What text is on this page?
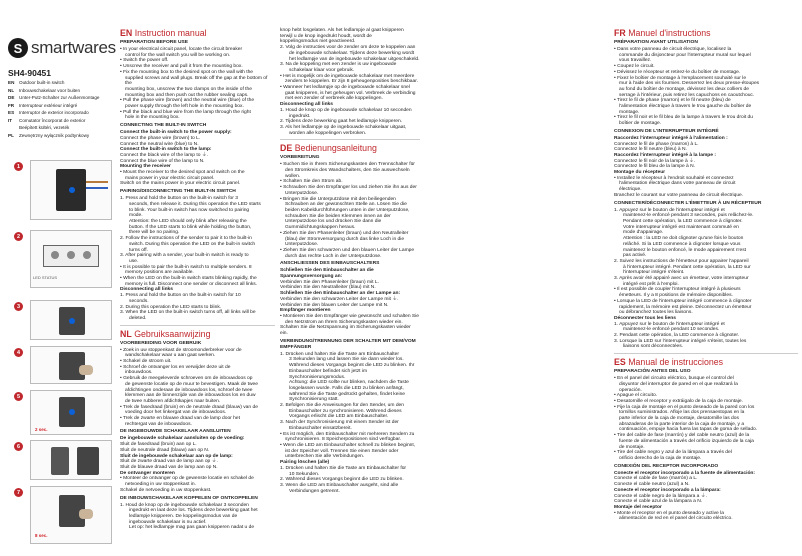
S smartwares
SH4-90451
EN Outdoor built-in switch
NL Inbouwschakelaar voor buiten
DE Unter-Putz-Schalter zur Außenmontage
FR Interrupteur extérieur intégré
ES Interruptor de exterior incorporado
IT Comutator încorporat de exterior
Beépített kültéri, vezeték
PL Zewnętrzny wyłącznik podtynkowy
1
LED STATUS
2
3
4
2 sec.
5
6
8 sec.
7
EN Instruction manual
PREPARATION BEFORE USE
• In your electrical circuit panel, locate the circuit breaker
control for the wall switch you will be working on.
• Switch the power off.
• Unscrew the receiver and pull it from the mounting box.
• Fix the mounting box to the desired spot on the wall with the
supplied screws and wall plugs. Break off the gap at the bottom of the
mounting box, unscrew the two clamps on the inside of the
mounting box and then push out the rubber sealing caps.
• Pull the phase wire (brown) and the neutral wire (blue) of the
power supply through the left hole in the mounting box.
• Pull the black and blue wire from the lamp through the right
hole in the mounting box.
CONNECTING THE BUILT-IN SWITCH
Connect the built-in switch to the power supply:
Connect the phase wire (brown) to L.
Connect the neutral wire (blue) to N.
Connect the built-in switch to the lamp:
Connect the black wire of the lamp to ⏚.
Connect the blue wire of the lamp to N.
Mounting the receiver
• Mount the receiver to the desired spot and switch on the
mains power in your electric circuit panel.
Switch on the mains power in your electric circuit panel.
PAIRING/DISCONNECTING THE BUILT-IN SWITCH
1. Press and hold the button on the built-in switch for 3
seconds, then release it. During this operation the LED starts
to blink. Your built-in switch has now switched to pairing
mode.
Attention: the LED should only blink after releasing the
button. If the LED starts to blink while holding the button,
there will be no pairing.
2. Follow the instructions of the sender to pair it to the built-in
switch. During this operation the LED on the built-in switch
turns off.
3. After pairing with a sender, your built-in switch is ready to
use.
• It is possible to pair the built-in switch to multiple senders. 8
memory positions are available.
• When the LED on the built-in switch starts blinking rapidly, the
memory is full. Disconnect one sender or disconnect all links.
Disconnecting all links
1. Press and hold the button on the built-in switch for 10
seconds.
2. During this operation the LED starts to blink.
3. When the LED on the built-in switch turns off, all links will be
deleted.
NL Gebruiksaanwijzing
VOORBEREIDING VOOR GEBRUIK
• Zoek in uw stoppenkast de stroomonderbreker voor de
wandschakelaar waar u aan gaat werken.
• Schakel de stroom uit.
• Schroef de ontvanger los en verwijder deze uit de
inbouwdoos.
• Gebruik de meegeleverde schroeven om de inbouwdoos op
de gewenste locatie op de muur te bevestigen. Maak de twee
afdichtingen onderaan de inbouwdoos los, schroef de twee
klemmen aan de binnenzijde van de inbouwdoos los en duw
de twee rubberen afdichtkapjes naar buiten.
• Trek de fasedraad (bruin) en de neutrale draad (blauw) van de
voeding door het linkergat van de inbouwdoos.
• Trek de zwarte en blauwe draad van de lamp door het
rechtergat van de inbouwdoos.
DE INGEBOUWDE SCHAKELAAR AANSLUITEN
De ingebouwde schakelaar aansluiten op de voeding:
Sluit de fasedraad (bruin) aan op L.
Sluit de neutrale draad (blauw) aan op N.
Sluit de ingebouwde schakelaar aan op de lamp:
Sluit de zwarte draad van de lamp aan op ⏚.
Sluit de blauwe draad van de lamp aan op N.
De ontvanger monteren
• Monteer de ontvanger op de gewenste locatie en schakel de
netvoeding in uw stoppenkast in.
Schakel de netvoeding in uw stoppenkast.
DE INBOUWSCHAKELAAR KOPPELEN OF ONTKOPPELEN
1. Houd de knop op de ingebouwde schakelaar 3 seconden
ingedrukt en laat deze los. Tijdens deze bewerking gaat het
ledlampje knipperen. De koppelingsmodus van de
ingebouwde schakelaar is nu actief.
Let op: het ledlampje mag pas gaan knipperen nadat u de
knop hebt losgelaten. Als het ledlampje al gaat knipperen
terwijl u de knop ingedrukt houdt, wordt de
koppelingsmodus niet geactiveerd.
2. Volg de instructies voor de zender om deze te koppelen aan
de ingebouwde schakelaar. Tijdens deze bewerking wordt
het ledlampje van de ingebouwde schakelaar uitgeschakeld.
3. Na de koppeling met een zender is uw ingebouwde
schakelaar klaar voor gebruik.
• Het is mogelijk om de ingebouwde schakelaar met meerdere
zenders te koppelen. Er zijn 8 geheugenposities beschikbaar.
• Wanneer het ledlampje op de ingebouwde schakelaar snel
gaat knipperen, is het geheugen vol. Verbreek de verbinding
met een zender of verbreek alle koppelingen.
Disconnecting all links
1. Houd de knop op de ingebouwde schakelaar 10 seconden
ingedrukt.
2. Tijdens deze bewerking gaat het ledlampje knipperen.
3. Als het ledlampje op de ingebouwde schakelaar uitgaat,
worden alle koppelingen verbroken.
DE Bedienungsanleitung
VORBEREITUNG
• Suchen Sie in Ihrem Sicherungskasten den Trennschalter für
den Stromkreis des Wandschalters, den Sie auswechseln
wollen.
• Schalten Sie den Strom ab.
• Schrauben Sie den Empfänger los und ziehen Sie ihn aus der
Unterputzdose.
• Bringen Sie die Unterputzdose mit den beiliegenden
Schrauben an der gewünschten Stelle an. Lösen Sie die
beiden Kabeldurchführungen unten in der Unterputzdose,
schrauben Sie die beiden Klemmen innen an der
Unterputzdose los und drücken Sie dann die
Gummidichtungskappen heraus.
• Ziehen Sie den Phasenleiter (braun) und den Neutralleiter
(blau) der Stromversorgung durch das linke Loch in die
Unterputzdose.
• Ziehen Sie den schwarzen und den blauen Leiter der Lampe
durch das rechte Loch in der Unterputzdose.
ANSCHLIESSEN DES EINBAUSCHALTERS
Schließen Sie den Einbauschalter an die Spannungsversorgung an:
Verbinden Sie den Phasenleiter (braun) mit L.
Verbinden Sie den Neutralleiter (blau) mit N.
Schließen Sie den Einbauschalter an der Lampe an:
Verbinden Sie den schwarzen Leiter der Lampe mit ⏚.
Verbinden Sie den blauen Leiter der Lampe mit N.
Empfänger montieren
• Montieren Sie den Empfänger wie gewünscht und schalten Sie
den Netzstrom an Ihrem Sicherungskasten wieder ein.
Schalten Sie die Netzspannung im Sicherungskasten wieder
ein.
VERBINDUNG/TRENNUNG DER SCHALTER MIT DEM/VOM EMPFÄNGER
1. Drücken und halten Sie die Taste am Einbauschalter
3 Sekunden lang und lassen Sie sie dann wieder los.
Während dieses Vorgangs beginnt die LED zu blinken. Ihr
Einbauschalter befindet sich jetzt im
Synchronisierungsmodus.
Achtung: die LED sollte nur blinken, nachdem die Taste
losgelassen wurde. Falls die LED zu blinken anfängt,
während Sie die Taste gedrückt gehalten, findet keine
Synchronisierung statt.
2. Befolgen Sie die Anweisungen für den Sender, um den
Einbauschalter zu synchronisieren. Während dieses
Vorgangs erlischt die LED am Einbauschalter.
3. Nach der Synchronisierung mit einem Sender ist der
Einbauschalter einsatzbereit.
• Es ist möglich, den Einbauschalter mit mehreren Sendern zu
synchronisieren. 8 Speicherpositionen sind verfügbar.
• Wenn die LED am Einbauschalter schnell zu blinken beginnt,
ist der Speicher voll. Trennen Sie einen Sender oder
unterbrechen Sie alle Verbindungen.
Pairing löschen (alle)
1. Drücken und halten Sie die Taste am Einbauschalter für
10 Sekunden.
2. Während dieses Vorgangs beginnt die LED zu blinken.
3. Wenn die LED am Einbauschalter ausgeht, sind alle
Verbindungen getrennt.
FR Manuel d'instructions
PRÉPARATION AVANT UTILISATION
• Dans votre panneau de circuit électrique, localisez la
commande du disjoncteur pour l'interrupteur mural sur lequel
vous travaillez.
• Coupez le circuit.
• Dévissez le récepteur et retirez-le du boîtier de montage.
• Fixez le boîtier de montage à l'emplacement souhaité sur le
mur à l'aide des vis fournies. Desserrez les deux presse-étoupes
au fond du boîtier de montage, dévissez les deux colliers de
serrage à l'intérieur, puis retirez les capuchons en caoutchouc.
• Tirez le fil de phase (marron) et le fil neutre (bleu) de
l'alimentation électrique à travers le trou gauche du boîtier de
montage.
• Tirez le fil noir et le fil bleu de la lampe à travers le trou droit du
boîtier de montage.
CONNEXION DE L'INTERRUPTEUR INTÉGRÉ
Raccordez l'interrupteur intégré à l'alimentation :
Connectez le fil de phase (marron) à L.
Connectez le fil neutre (bleu) à N.
Raccordez l'interrupteur intégré à la lampe :
Connectez le fil noir de la lampe à ⏚.
Connectez le fil bleu de la lampe à N.
Montage du récepteur
• Installez le récepteur à l'endroit souhaité et connectez
l'alimentation électrique dans votre panneau de circuit
électrique.
Branchez le courant sur votre panneau de circuit électrique.
CONNECTER/DÉCONNECTER L'ÉMETTEUR À UN RÉCEPTEUR
1. Appuyez sur le bouton de l'interrupteur intégré et
maintenez-le enfoncé pendant 3 secondes, puis relâchez-le.
Pendant cette opération, la LED commence à clignoter.
Votre interrupteur intégré est maintenant commuté en
mode d'appairage.
Attention : la LED ne doit clignoter qu'une fois le bouton
relâché. Si la LED commence à clignoter lorsque vous
maintenez le bouton enfoncé, le mode appairement n'est
pas activé.
2. Suivez les instructions de l'émetteur pour appairer l'appareil
à l'interrupteur intégré. Pendant cette opération, la LED sur
l'interrupteur intégré s'éteint.
3. Après avoir été appairé avec un émetteur, votre interrupteur
intégré est prêt à l'emploi.
• Il est possible de coupler l'interrupteur intégré à plusieurs
émetteurs. Il y a 8 positions de mémoire disponibles.
• Lorsque la LED de l'interrupteur intégré commence à clignoter
rapidement, la mémoire est pleine. Déconnectez un émetteur
ou débranchez toutes les liaisons.
Déconnecter tous les liens
1. Appuyez sur le bouton de l'interrupteur intégré et
maintenez-le enfoncé pendant 10 secondes.
2. Pendant cette opération, la LED commence à clignoter.
3. Lorsque la LED sur l'interrupteur intégré s'éteint, toutes les
liaisons sont déconnectées.
ES Manual de instrucciones
PREPARACIÓN ANTES DEL USO
• En el panel del circuito eléctrico, busque el control del
disyuntor del interruptor de pared en el que realizará la
operación.
• Apague el circuito.
• Desatornille el receptor y extráigalo de la caja de montaje.
• Fije la caja de montaje en el punto deseado de la pared con los
tornillos suministrados. Afloje las dos prensaestopas en la
parte inferior de la caja de montaje, desatornille las dos
abrazaderas de la parte interior de la caja de montaje, y a
continuación, empuje hacia fuera las tapas de goma de sellado.
• Tire del cable de fase (marrón) y del cable neutro (azul) de la
fuente de alimentación a través del orificio izquierdo de la caja
de montaje.
• Tire del cable negro y azul de la lámpara a través del
orificio derecho de la caja de montaje.
CONEXIÓN DEL RECEPTOR INCORPORADO
Conecte el receptor incorporado a la fuente de alimentación:
Conecte el cable de fase (marrón) a L.
Conecte el cable neutro (azul) a N.
Conecte el receptor incorporado a la lámpara:
Conecte el cable negro de la lámpara a ⏚.
Conecte el cable azul de la lámpara a N.
Montaje del receptor
• Monte el receptor en el punto deseado y active la
alimentación de red en el panel del circuito eléctrico.
